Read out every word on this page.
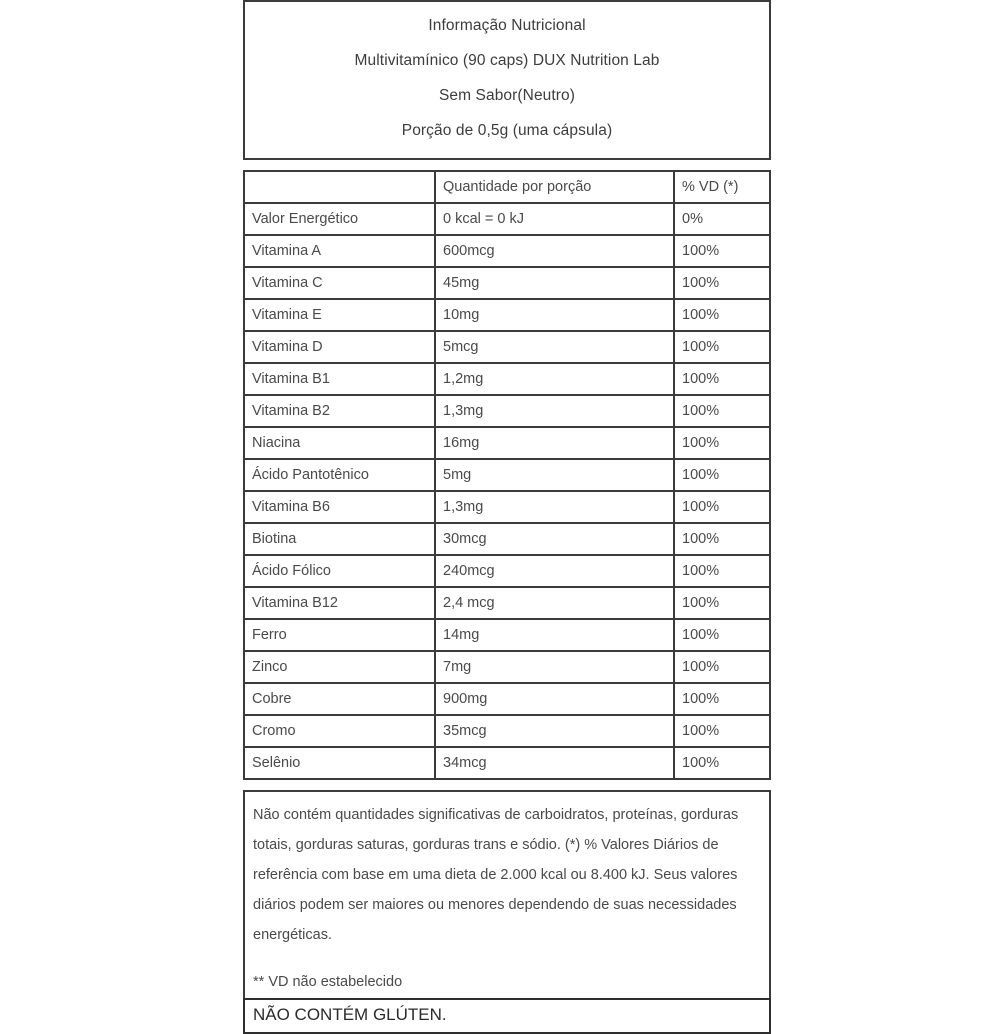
Informação Nutricional
Multivitamínico (90 caps) DUX Nutrition Lab
Sem Sabor(Neutro)
Porção de 0,5g (uma cápsula)
	Quantidade por porção	% VD (*)
Valor Energético	0 kcal = 0 kJ	0%
Vitamina A	600mcg	100%
Vitamina C	45mg	100%
Vitamina E	10mg	100%
Vitamina D	5mcg	100%
Vitamina B1	1,2mg	100%
Vitamina B2	1,3mg	100%
Niacina	16mg	100%
Ácido Pantotênico	5mg	100%
Vitamina B6	1,3mg	100%
Biotina	30mcg	100%
Ácido Fólico	240mcg	100%
Vitamina B12	2,4 mcg	100%
Ferro	14mg	100%
Zinco	7mg	100%
Cobre	900mg	100%
Cromo	35mcg	100%
Selênio	34mcg	100%

Não contém quantidades significativas de carboidratos, proteínas, gorduras totais, gorduras saturas, gorduras trans e sódio. (*) % Valores Diários de referência com base em uma dieta de 2.000 kcal ou 8.400 kJ. Seus valores diários podem ser maiores ou menores dependendo de suas necessidades energéticas.

** VD não estabelecido

NÃO CONTÉM GLÚTEN.
